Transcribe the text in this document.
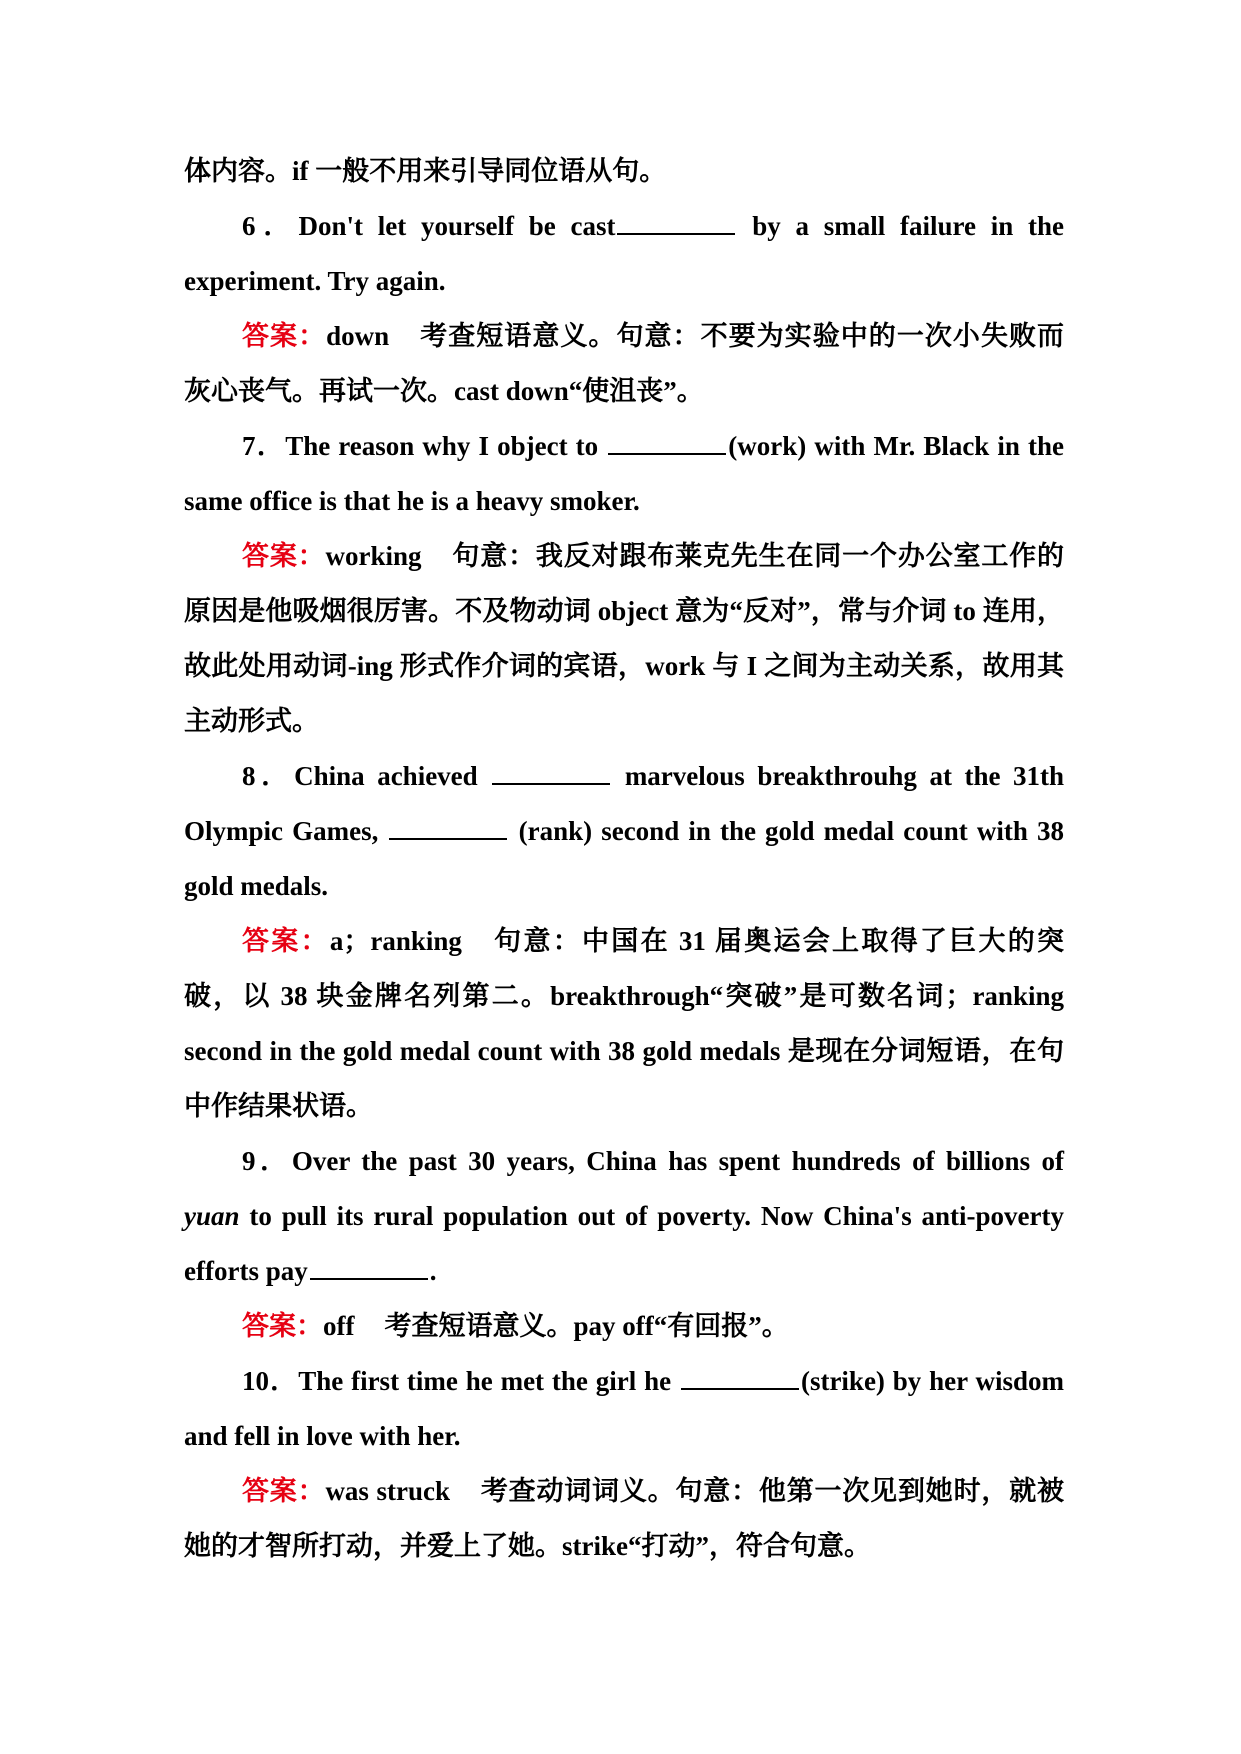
体内容。if 一般不用来引导同位语从句。

6．Don't let yourself be cast	by a small failure in the experiment. Try again.

答案：down 考查短语意义。句意：不要为实验中的一次小失败而灰心丧气。再试一次。cast down“使沮丧”。

7．The reason why I object to	(work) with Mr. Black in the same office is that he is a heavy smoker.

答案：working 句意：我反对跟布莱克先生在同一个办公室工作的原因是他吸烟很厉害。不及物动词 object 意为“反对”，常与介词 to 连用，故此处用动词-ing 形式作介词的宾语，work 与 I 之间为主动关系，故用其主动形式。

8．China achieved	marvelous breakthrouhg at the 31th Olympic Games,	(rank) second in the gold medal count with 38 gold medals.

答案：a；ranking 句意：中国在 31 届奥运会上取得了巨大的突破，以 38 块金牌名列第二。breakthrough“突破”是可数名词；ranking second in the gold medal count with 38 gold medals 是现在分词短语，在句中作结果状语。

9．Over the past 30 years, China has spent hundreds of billions of yuan to pull its rural population out of poverty. Now China's anti-poverty efforts pay	.

答案：off 考查短语意义。pay off“有回报”。

10．The first time he met the girl he	(strike) by her wisdom and fell in love with her.

答案：was struck 考查动词词义。句意：他第一次见到她时，就被她的才智所打动，并爱上了她。strike“打动”，符合句意。
